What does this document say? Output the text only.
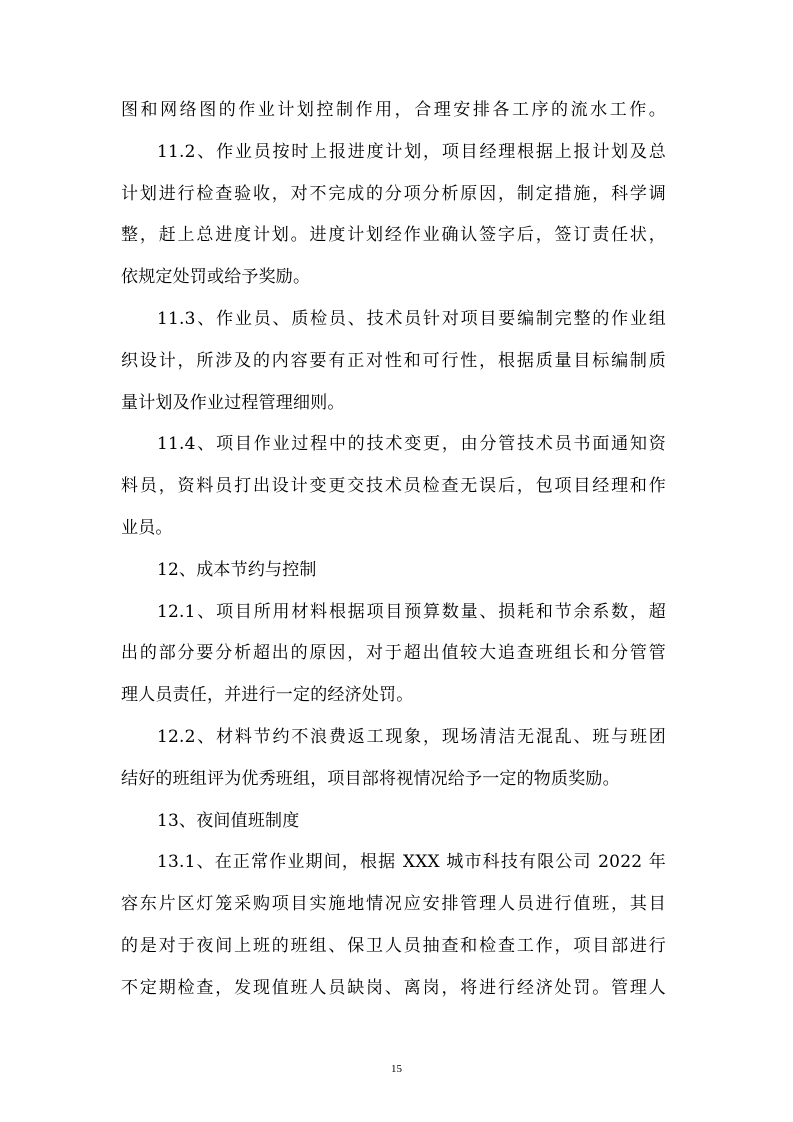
图和网络图的作业计划控制作用，合理安排各工序的流水工作。
11.2、作业员按时上报进度计划，项目经理根据上报计划及总
计划进行检查验收，对不完成的分项分析原因，制定措施，科学调
整，赶上总进度计划。进度计划经作业确认签字后，签订责任状，
依规定处罚或给予奖励。
11.3、作业员、质检员、技术员针对项目要编制完整的作业组
织设计，所涉及的内容要有正对性和可行性，根据质量目标编制质
量计划及作业过程管理细则。
11.4、项目作业过程中的技术变更，由分管技术员书面通知资
料员，资料员打出设计变更交技术员检查无误后，包项目经理和作
业员。
12、成本节约与控制
12.1、项目所用材料根据项目预算数量、损耗和节余系数，超
出的部分要分析超出的原因，对于超出值较大追查班组长和分管管
理人员责任，并进行一定的经济处罚。
12.2、材料节约不浪费返工现象，现场清洁无混乱、班与班团
结好的班组评为优秀班组，项目部将视情况给予一定的物质奖励。
13、夜间值班制度
13.1、在正常作业期间，根据 XXX 城市科技有限公司 2022 年
容东片区灯笼采购项目实施地情况应安排管理人员进行值班，其目
的是对于夜间上班的班组、保卫人员抽查和检查工作，项目部进行
不定期检查，发现值班人员缺岗、离岗，将进行经济处罚。管理人
15
